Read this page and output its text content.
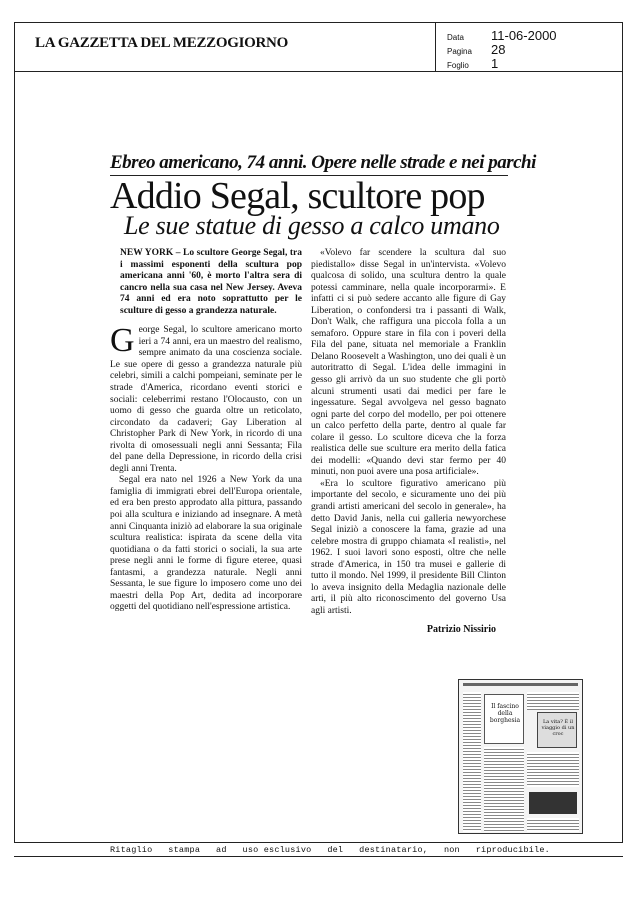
LA GAZZETTA DEL MEZZOGIORNO	Data 11-06-2000
Pagina 28
Foglio 1
Ebreo americano, 74 anni. Opere nelle strade e nei parchi
Addio Segal, scultore pop
Le sue statue di gesso a calco umano

NEW YORK – Lo scultore George Segal, tra i massimi esponenti della scultura pop americana anni '60, è morto l'altra sera di cancro nella sua casa nel New Jersey. Aveva 74 anni ed era noto soprattutto per le sculture di gesso a grandezza naturale.

George Segal, lo scultore americano morto ieri a 74 anni, era un maestro del realismo, sempre animato da una coscienza sociale. Le sue opere di gesso a grandezza naturale più celebri, simili a calchi pompeiani, seminate per le strade d'America, ricordano eventi storici e sociali: celeberrimi restano l'Olocausto, con un uomo di gesso che guarda oltre un reticolato, circondato da cadaveri; Gay Liberation al Christopher Park di New York, in ricordo di una rivolta di omosessuali negli anni Sessanta; Fila del pane della Depressione, in ricordo della crisi degli anni Trenta.

Segal era nato nel 1926 a New York da una famiglia di immigrati ebrei dell'Europa orientale, ed era ben presto approdato alla pittura, passando poi alla scultura e iniziando ad insegnare. A metà anni Cinquanta iniziò ad elaborare la sua originale scultura realistica: ispirata da scene della vita quotidiana o da fatti storici o sociali, la sua arte prese negli anni le forme di figure eteree, quasi fantasmi, a grandezza naturale. Negli anni Sessanta, le sue figure lo imposero come uno dei maestri della Pop Art, dedita ad incorporare oggetti del quotidiano nell'espressione artistica.

«Volevo far scendere la scultura dal suo piedistallo» disse Segal in un'intervista. «Volevo qualcosa di solido, una scultura dentro la quale potessi camminare, nella quale incorporarmi». E infatti ci si può sedere accanto alle figure di Gay Liberation, o confondersi tra i passanti di Walk, Don't Walk, che raffigura una piccola folla a un semaforo. Oppure stare in fila con i poveri della Fila del pane, situata nel memoriale a Franklin Delano Roosevelt a Washington, uno dei quali è un autoritratto di Segal. L'idea delle immagini in gesso gli arrivò da un suo studente che gli portò alcuni strumenti usati dai medici per fare le ingessature. Segal avvolgeva nel gesso bagnato ogni parte del corpo del modello, per poi ottenere un calco perfetto della parte, dentro al quale far colare il gesso. Lo scultore diceva che la forza realistica delle sue sculture era merito della fatica dei modelli: «Quando devi star fermo per 40 minuti, non puoi avere una posa artificiale».

«Era lo scultore figurativo americano più importante del secolo, e sicuramente uno dei più grandi artisti americani del secolo in generale», ha detto David Janis, nella cui galleria newyorchese Segal iniziò a conoscere la fama, grazie ad una celebre mostra di gruppo chiamata «I realisti», nel 1962. I suoi lavori sono esposti, oltre che nelle strade d'America, in 150 tra musei e gallerie di tutto il mondo. Nel 1999, il presidente Bill Clinton lo aveva insignito della Medaglia nazionale delle arti, il più alto riconoscimento del governo Usa agli artisti.

Patrizio Nissirio
Il fascino della borghesia	La vita? È il viaggio di un croc
Ritaglio   stampa   ad   uso esclusivo   del   destinatario,   non   riproducibile.
